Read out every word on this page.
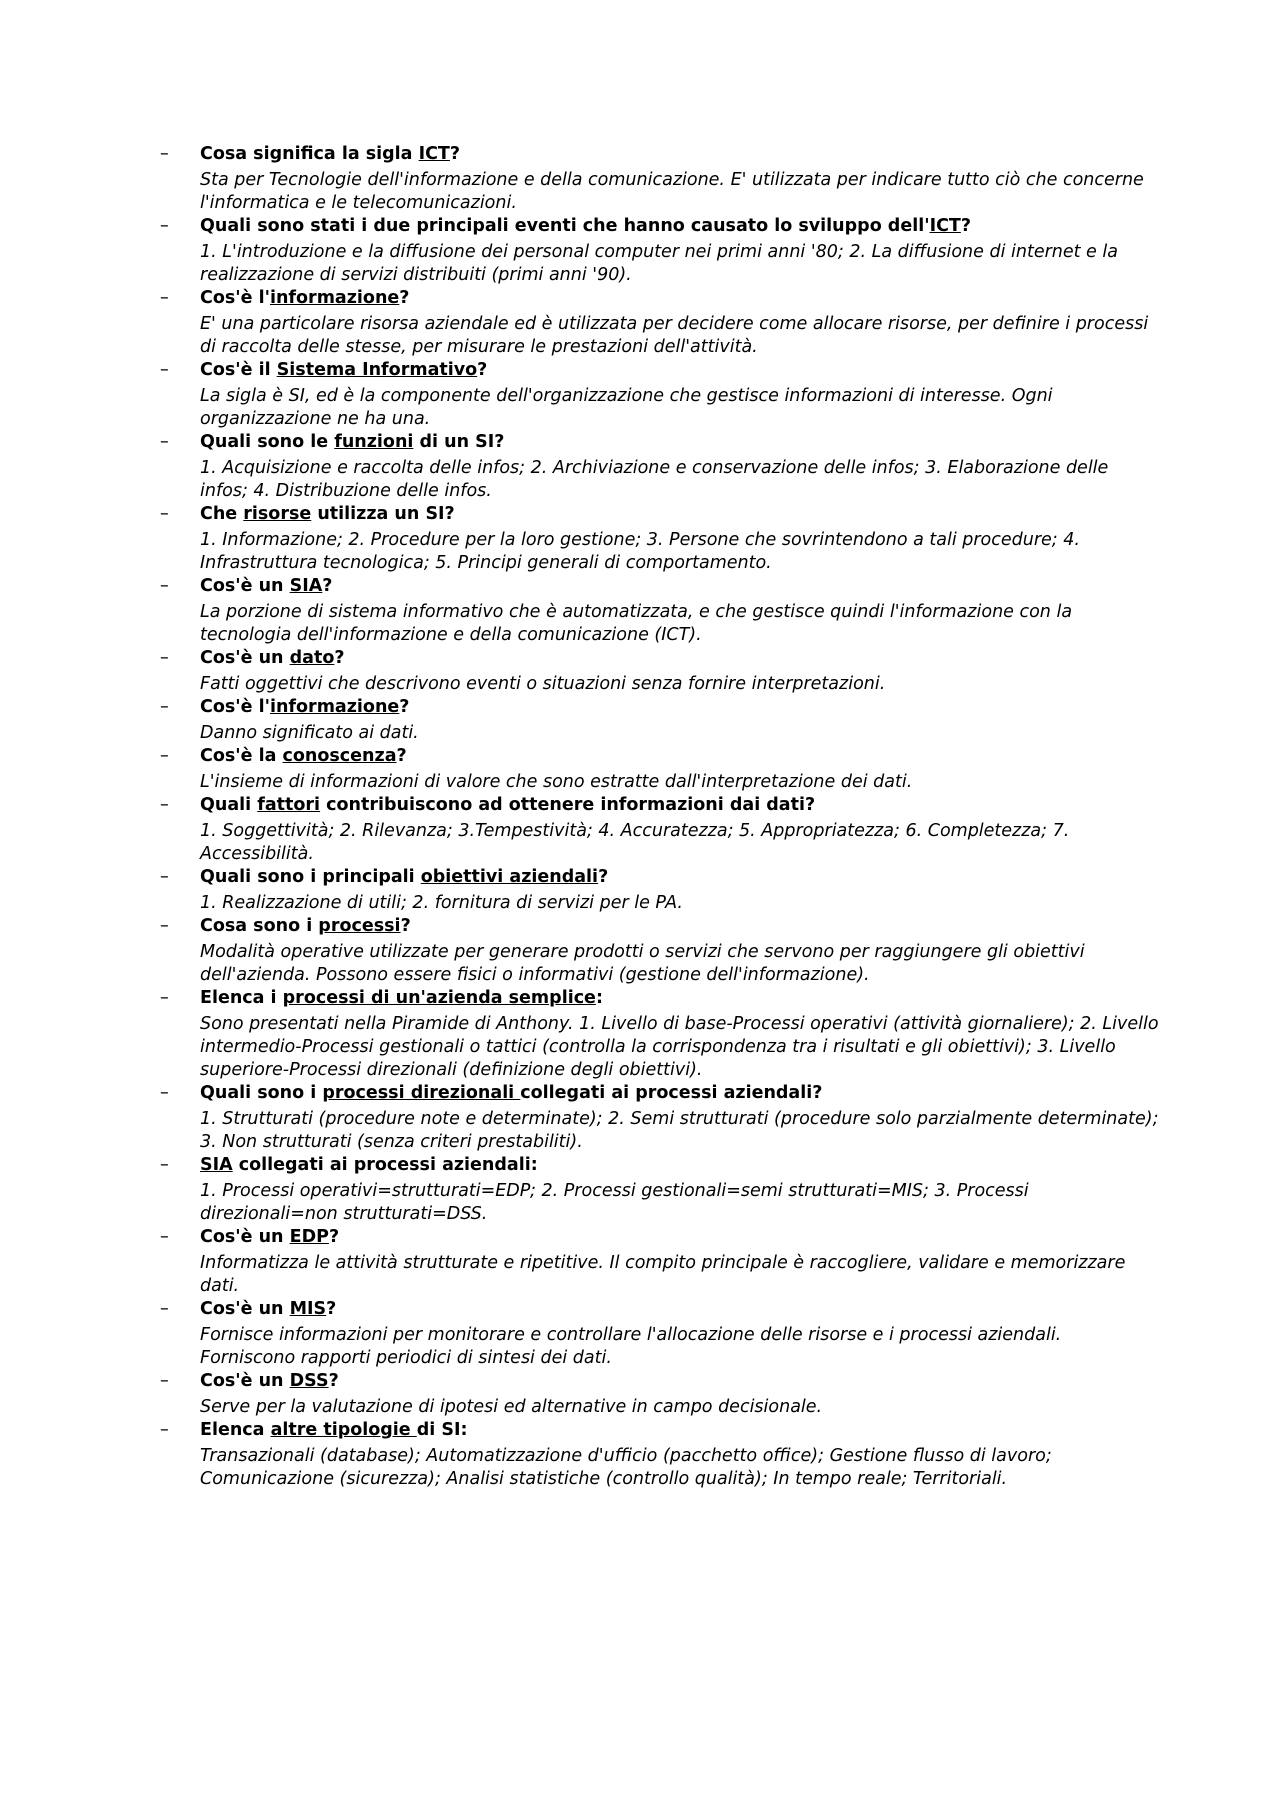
– Cosa significa la sigla ICT?
Sta per Tecnologie dell'informazione e della comunicazione. E' utilizzata per indicare tutto ciò che concerne l'informatica e le telecomunicazioni.
– Quali sono stati i due principali eventi che hanno causato lo sviluppo dell'ICT?
1. L'introduzione e la diffusione dei personal computer nei primi anni '80; 2. La diffusione di internet e la realizzazione di servizi distribuiti (primi anni '90).
– Cos'è l'informazione?
E' una particolare risorsa aziendale ed è utilizzata per decidere come allocare risorse, per definire i processi di raccolta delle stesse, per misurare le prestazioni dell'attività.
– Cos'è il Sistema Informativo?
La sigla è SI, ed è la componente dell'organizzazione che gestisce informazioni di interesse. Ogni organizzazione ne ha una.
– Quali sono le funzioni di un SI?
1. Acquisizione e raccolta delle infos; 2. Archiviazione e conservazione delle infos; 3. Elaborazione delle infos; 4. Distribuzione delle infos.
– Che risorse utilizza un SI?
1. Informazione; 2. Procedure per la loro gestione; 3. Persone che sovrintendono a tali procedure; 4. Infrastruttura tecnologica; 5. Principi generali di comportamento.
– Cos'è un SIA?
La porzione di sistema informativo che è automatizzata, e che gestisce quindi l'informazione con la tecnologia dell'informazione e della comunicazione (ICT).
– Cos'è un dato?
Fatti oggettivi che descrivono eventi o situazioni senza fornire interpretazioni.
– Cos'è l'informazione?
Danno significato ai dati.
– Cos'è la conoscenza?
L'insieme di informazioni di valore che sono estratte dall'interpretazione dei dati.
– Quali fattori contribuiscono ad ottenere informazioni dai dati?
1. Soggettività; 2. Rilevanza; 3.Tempestività; 4. Accuratezza; 5. Appropriatezza; 6. Completezza; 7. Accessibilità.
– Quali sono i principali obiettivi aziendali?
1. Realizzazione di utili; 2. fornitura di servizi per le PA.
– Cosa sono i processi?
Modalità operative utilizzate per generare prodotti o servizi che servono per raggiungere gli obiettivi dell'azienda. Possono essere fisici o informativi (gestione dell'informazione).
– Elenca i processi di un'azienda semplice:
Sono presentati nella Piramide di Anthony. 1. Livello di base-Processi operativi (attività giornaliere); 2. Livello intermedio-Processi gestionali o tattici (controlla la corrispondenza tra i risultati e gli obiettivi); 3. Livello superiore-Processi direzionali (definizione degli obiettivi).
– Quali sono i processi direzionali collegati ai processi aziendali?
1. Strutturati (procedure note e determinate); 2. Semi strutturati (procedure solo parzialmente determinate); 3. Non strutturati (senza criteri prestabiliti).
– SIA collegati ai processi aziendali:
1. Processi operativi=strutturati=EDP; 2. Processi gestionali=semi strutturati=MIS; 3. Processi direzionali=non strutturati=DSS.
– Cos'è un EDP?
Informatizza le attività strutturate e ripetitive. Il compito principale è raccogliere, validare e memorizzare dati.
– Cos'è un MIS?
Fornisce informazioni per monitorare e controllare l'allocazione delle risorse e i processi aziendali. Forniscono rapporti periodici di sintesi dei dati.
– Cos'è un DSS?
Serve per la valutazione di ipotesi ed alternative in campo decisionale.
– Elenca altre tipologie di SI:
Transazionali (database); Automatizzazione d'ufficio (pacchetto office); Gestione flusso di lavoro; Comunicazione (sicurezza); Analisi statistiche (controllo qualità); In tempo reale; Territoriali.
